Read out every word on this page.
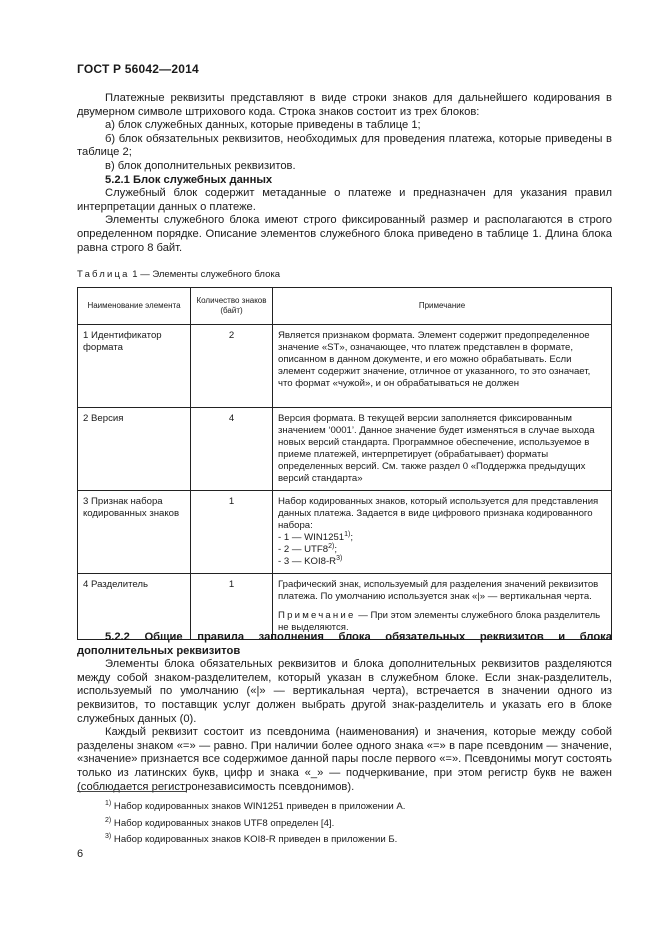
ГОСТ Р 56042—2014

Платежные реквизиты представляют в виде строки знаков для дальнейшего кодирования в двумерном символе штрихового кода. Строка знаков состоит из трех блоков:

а) блок служебных данных, которые приведены в таблице 1;

б) блок обязательных реквизитов, необходимых для проведения платежа, которые приведены в таблице 2;

в) блок дополнительных реквизитов.

5.2.1 Блок служебных данных

Служебный блок содержит метаданные о платеже и предназначен для указания правил интерпретации данных о платеже.

Элементы служебного блока имеют строго фиксированный размер и располагаются в строго определенном порядке. Описание элементов служебного блока приведено в таблице 1. Длина блока равна строго 8 байт.

Таблица 1 — Элементы служебного блока
Наименование элемента	Количество знаков (байт)	Примечание
1 Идентификатор формата	2	Является признаком формата. Элемент содержит предопределенное значение «ST», означающее, что платеж представлен в формате, описанном в данном документе, и его можно обрабатывать. Если элемент содержит значение, отличное от указанного, то это означает, что формат «чужой», и он обрабатываться не должен
2 Версия	4	Версия формата. В текущей версии заполняется фиксированным значением ‘0001’. Данное значение будет изменяться в случае выхода новых версий стандарта. Программное обеспечение, используемое в приеме платежей, интерпретирует (обрабатывает) форматы определенных версий. См. также раздел 0 «Поддержка предыдущих версий стандарта»
3 Признак набора кодированных знаков	1	Набор кодированных знаков, который используется для представления данных платежа. Задается в виде цифрового признака кодированного набора:
- 1 — WIN1251$^{1)}$;
- 2 — UTF8$^{2)}$;
- 3 — $KOI8-R^{3)}$

4 Разделитель	1	Графический знак, используемый для разделения значений реквизитов платежа. По умолчанию используется знак «|» — вертикальная черта.
Примечание — При этом элементы служебного блока разделитель не выделяются.

5.2.2 Общие правила заполнения блока обязательных реквизитов и блока дополнительных реквизитов

Элементы блока обязательных реквизитов и блока дополнительных реквизитов разделяются между собой знаком-разделителем, который указан в служебном блоке. Если знак-разделитель, используемый по умолчанию («|» — вертикальная черта), встречается в значении одного из реквизитов, то поставщик услуг должен выбрать другой знак-разделитель и указать его в блоке служебных данных (0).

Каждый реквизит состоит из псевдонима (наименования) и значения, которые между собой разделены знаком «=» — равно. При наличии более одного знака «=» в паре псевдоним — значение, «значение» признается все содержимое данной пары после первого «=». Псевдонимы могут состоять только из латинских букв, цифр и знака «_» — подчеркивание, при этом регистр букв не важен (соблюдается регистронезависимость псевдонимов).

$^{1)}$ Набор кодированных знаков WIN1251 приведен в приложении А.

$^{2)}$ Набор кодированных знаков UTF8 определен [4].

$^{3)}$ Набор кодированных знаков KOI8-R приведен в приложении Б.

6
